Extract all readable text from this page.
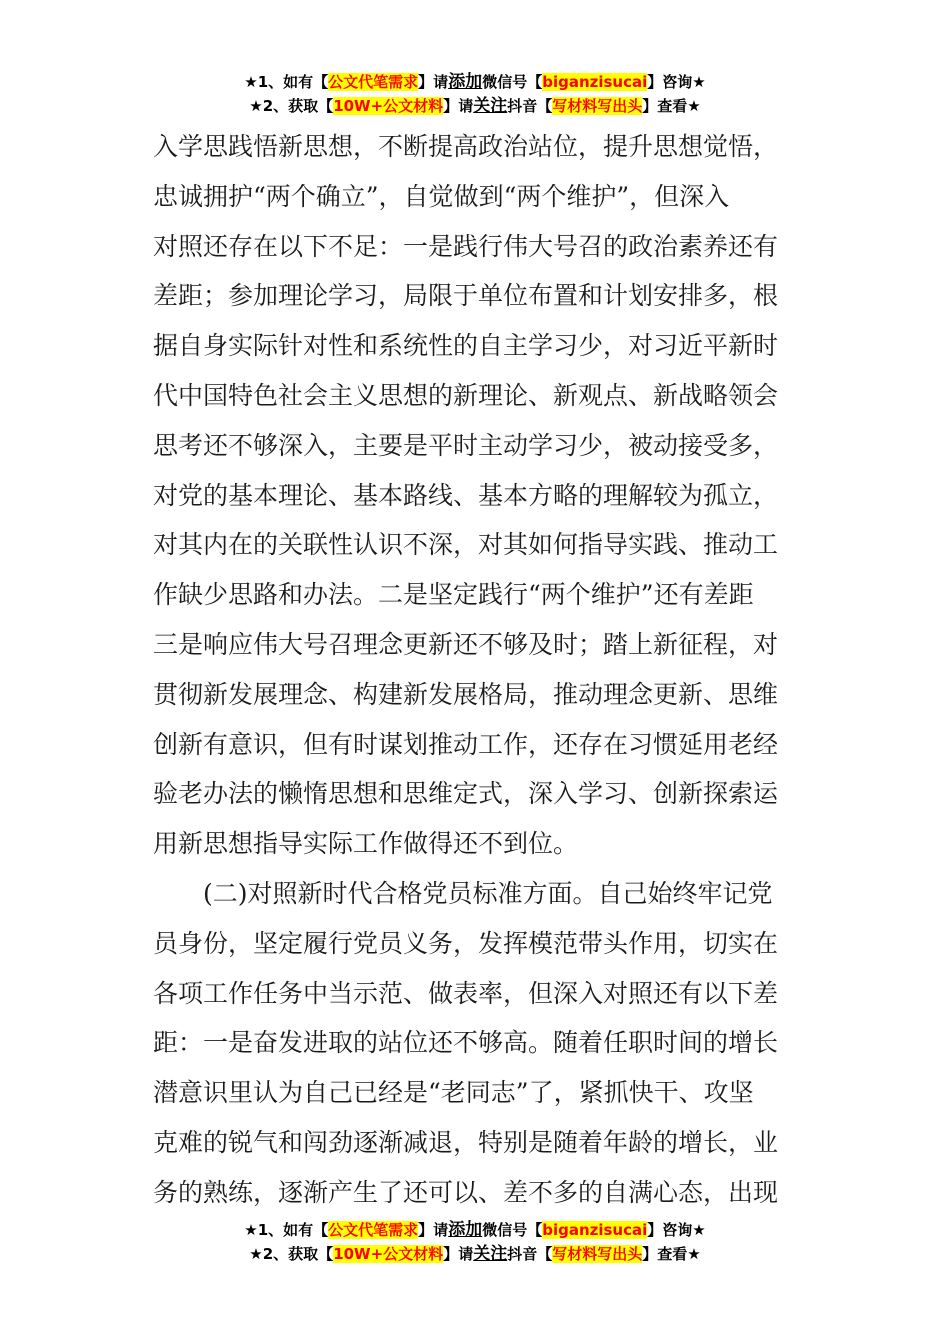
★1、如有【公文代笔需求】请添加微信号【biganzisucai】咨询★
★2、获取【10W+公文材料】请关注抖音【写材料写出头】查看★
入学思践悟新思想，不断提高政治站位，提升思想觉悟，
忠诚拥护“两个确立”，自觉做到“两个维护”，但深入
对照还存在以下不足：一是践行伟大号召的政治素养还有
差距；参加理论学习，局限于单位布置和计划安排多，根
据自身实际针对性和系统性的自主学习少，对习近平新时
代中国特色社会主义思想的新理论、新观点、新战略领会
思考还不够深入，主要是平时主动学习少，被动接受多，
对党的基本理论、基本路线、基本方略的理解较为孤立，
对其内在的关联性认识不深，对其如何指导实践、推动工
作缺少思路和办法。二是坚定践行“两个维护”还有差距
三是响应伟大号召理念更新还不够及时；踏上新征程，对
贯彻新发展理念、构建新发展格局，推动理念更新、思维
创新有意识，但有时谋划推动工作，还存在习惯延用老经
验老办法的懒惰思想和思维定式，深入学习、创新探索运
用新思想指导实际工作做得还不到位。
　　(二)对照新时代合格党员标准方面。自己始终牢记党
员身份，坚定履行党员义务，发挥模范带头作用，切实在
各项工作任务中当示范、做表率，但深入对照还有以下差
距：一是奋发进取的站位还不够高。随着任职时间的增长
潜意识里认为自己已经是“老同志”了，紧抓快干、攻坚
克难的锐气和闯劲逐渐减退，特别是随着年龄的增长，业
务的熟练，逐渐产生了还可以、差不多的自满心态，出现
★1、如有【公文代笔需求】请添加微信号【biganzisucai】咨询★
★2、获取【10W+公文材料】请关注抖音【写材料写出头】查看★
